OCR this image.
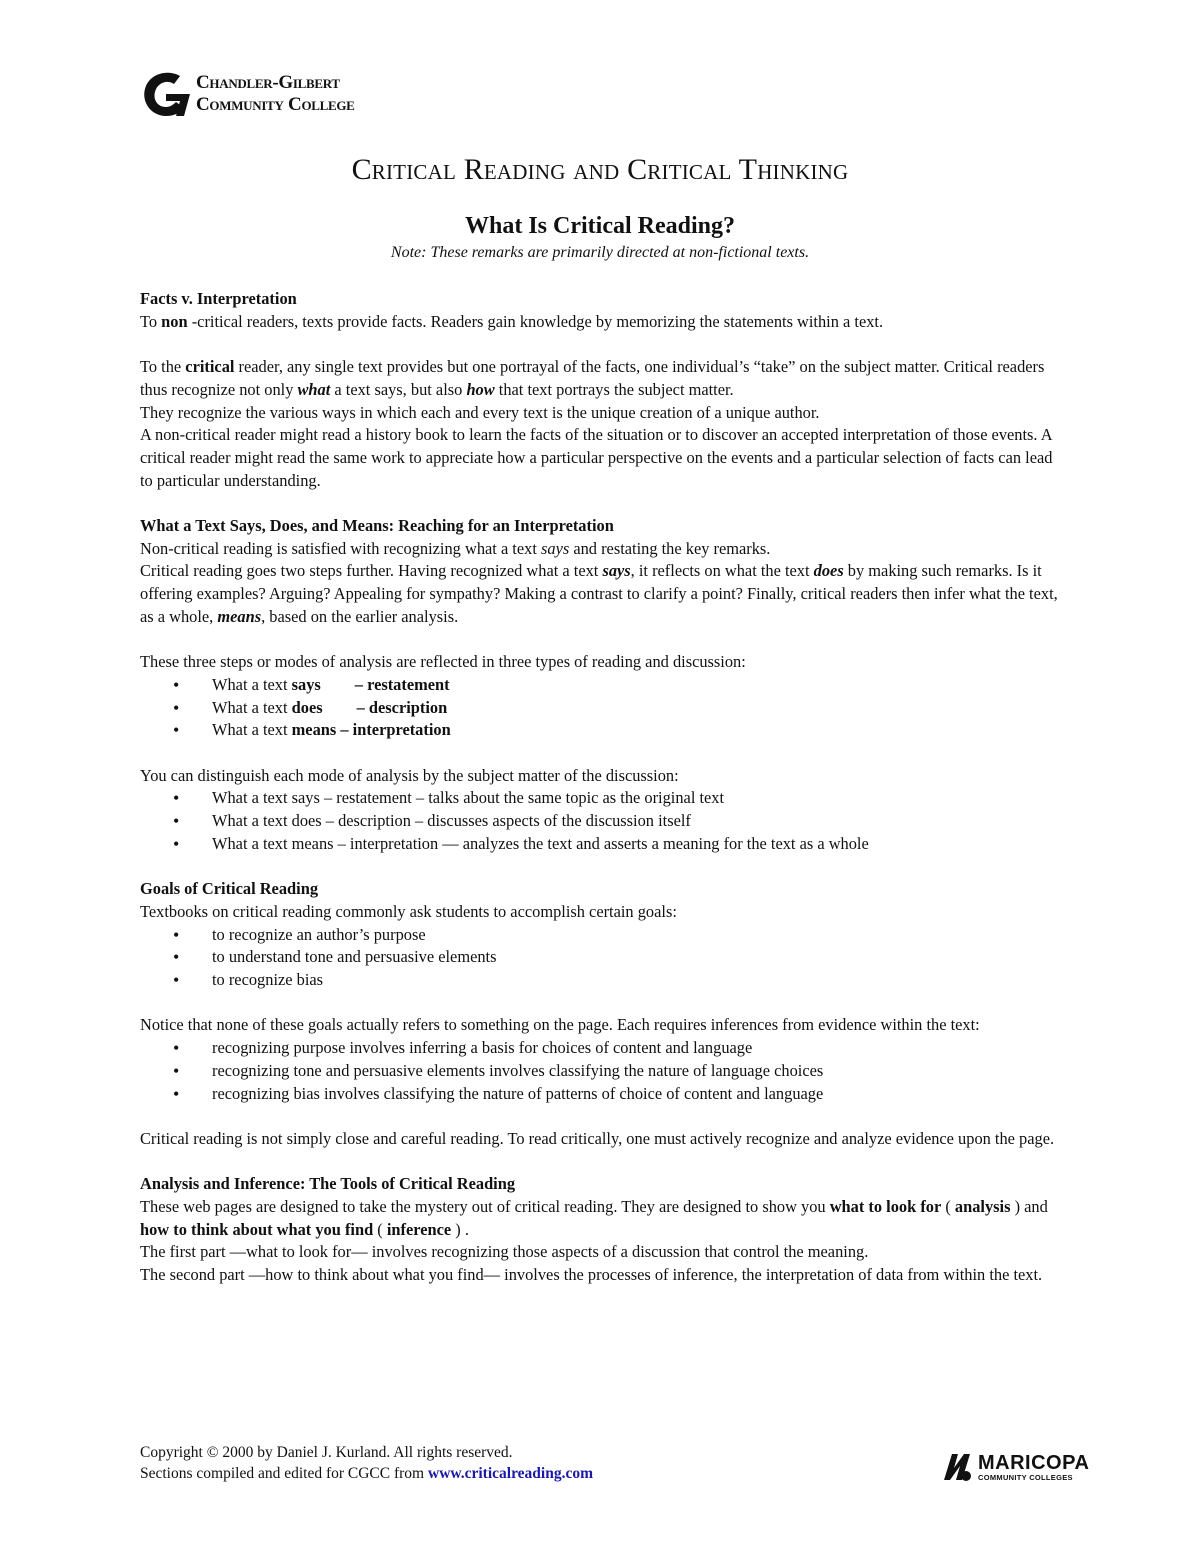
Chandler-Gilbert
Community College
Critical Reading and Critical Thinking
What Is Critical Reading?
Note: These remarks are primarily directed at non-fictional texts.

Facts v. Interpretation

To non -critical readers, texts provide facts. Readers gain knowledge by memorizing the statements within a text.

To the critical reader, any single text provides but one portrayal of the facts, one individual’s “take” on the subject matter. Critical readers thus recognize not only what a text says, but also how that text portrays the subject matter.

They recognize the various ways in which each and every text is the unique creation of a unique author.

A non-critical reader might read a history book to learn the facts of the situation or to discover an accepted interpretation of those events. A critical reader might read the same work to appreciate how a particular perspective on the events and a particular selection of facts can lead to particular understanding.

What a Text Says, Does, and Means: Reaching for an Interpretation

Non-critical reading is satisfied with recognizing what a text says and restating the key remarks.

Critical reading goes two steps further. Having recognized what a text says, it reflects on what the text does by making such remarks. Is it offering examples? Arguing? Appealing for sympathy? Making a contrast to clarify a point? Finally, critical readers then infer what the text, as a whole, means, based on the earlier analysis.

These three steps or modes of analysis are reflected in three types of reading and discussion:

• What a text says – restatement
• What a text does – description
• What a text means – interpretation

You can distinguish each mode of analysis by the subject matter of the discussion:

• What a text says – restatement – talks about the same topic as the original text
• What a text does – description – discusses aspects of the discussion itself
• What a text means – interpretation — analyzes the text and asserts a meaning for the text as a whole

Goals of Critical Reading

Textbooks on critical reading commonly ask students to accomplish certain goals:

• to recognize an author’s purpose
• to understand tone and persuasive elements
• to recognize bias

Notice that none of these goals actually refers to something on the page. Each requires inferences from evidence within the text:

• recognizing purpose involves inferring a basis for choices of content and language
• recognizing tone and persuasive elements involves classifying the nature of language choices
• recognizing bias involves classifying the nature of patterns of choice of content and language

Critical reading is not simply close and careful reading. To read critically, one must actively recognize and analyze evidence upon the page.

Analysis and Inference: The Tools of Critical Reading

These web pages are designed to take the mystery out of critical reading. They are designed to show you what to look for ( analysis ) and how to think about what you find ( inference ) .

The first part —what to look for— involves recognizing those aspects of a discussion that control the meaning.

The second part —how to think about what you find— involves the processes of inference, the interpretation of data from within the text.

Copyright © 2000 by Daniel J. Kurland. All rights reserved.
Sections compiled and edited for CGCC from www.criticalreading.com	MARICOPA
COMMUNITY COLLEGES
